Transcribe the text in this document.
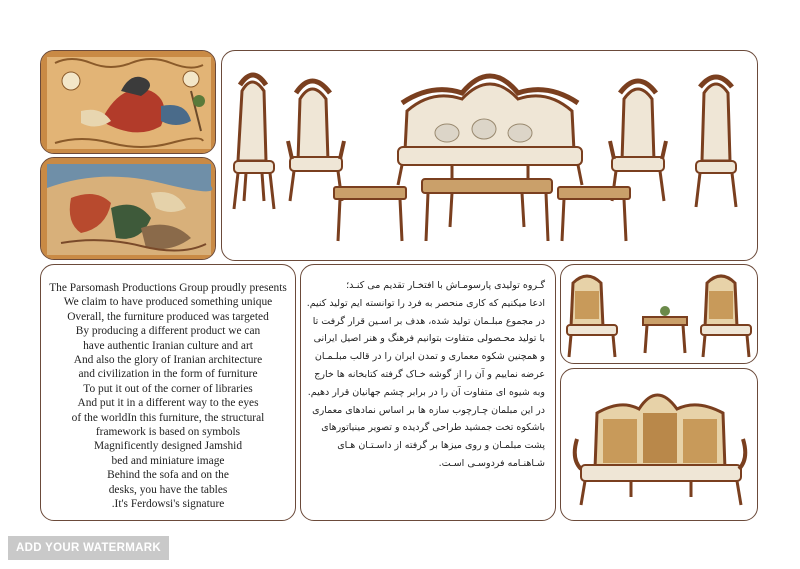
The Parsomash Productions Group proudly presents
We claim to have produced something unique
Overall, the furniture produced was targeted
By producing a different product we can
have authentic Iranian culture and art
And also the glory of Iranian architecture
and civilization in the form of furniture
To put it out of the corner of libraries
And put it in a different way to the eyes
of the worldIn this furniture, the structural
framework is based on symbols
Magnificently designed Jamshid
bed and miniature image
Behind the sofa and on the
desks, you have the tables
.It's Ferdowsi's signature
گـروه تولیدی پارسومـاش با افتخـار تقدیم می کنـد؛
ادعا میکنیم که کاری منحصر به فرد را توانسته ایم تولید کنیم.
در مجموع مبلـمان تولید شده، هدف بر اسـین قرار گرفت تا
با تولید محـصولی متفاوت بتوانیم فرهنگ و هنر اصیل ایرانی
و همچنین شکوه معماری و تمدن ایران را در قالب مبلـمـان
عرضه نماییم و آن را از گوشه خـاک گرفته کتابخانه ها خارج
وبه شیوه ای متفاوت آن را در برابر چشم جهانیان قرار دهیم.
در این مبلمان چـارچوب سازه ها بر اساس نمادهای معماری
باشکوه تخت جمشید طراحی گردیده و تصویر مینیاتورهای
پشت مبلمـان و روی میزها بر گرفته از داسـتـان هـای
شـاهنـامه فردوسـی اسـت.
ADD YOUR WATERMARK
